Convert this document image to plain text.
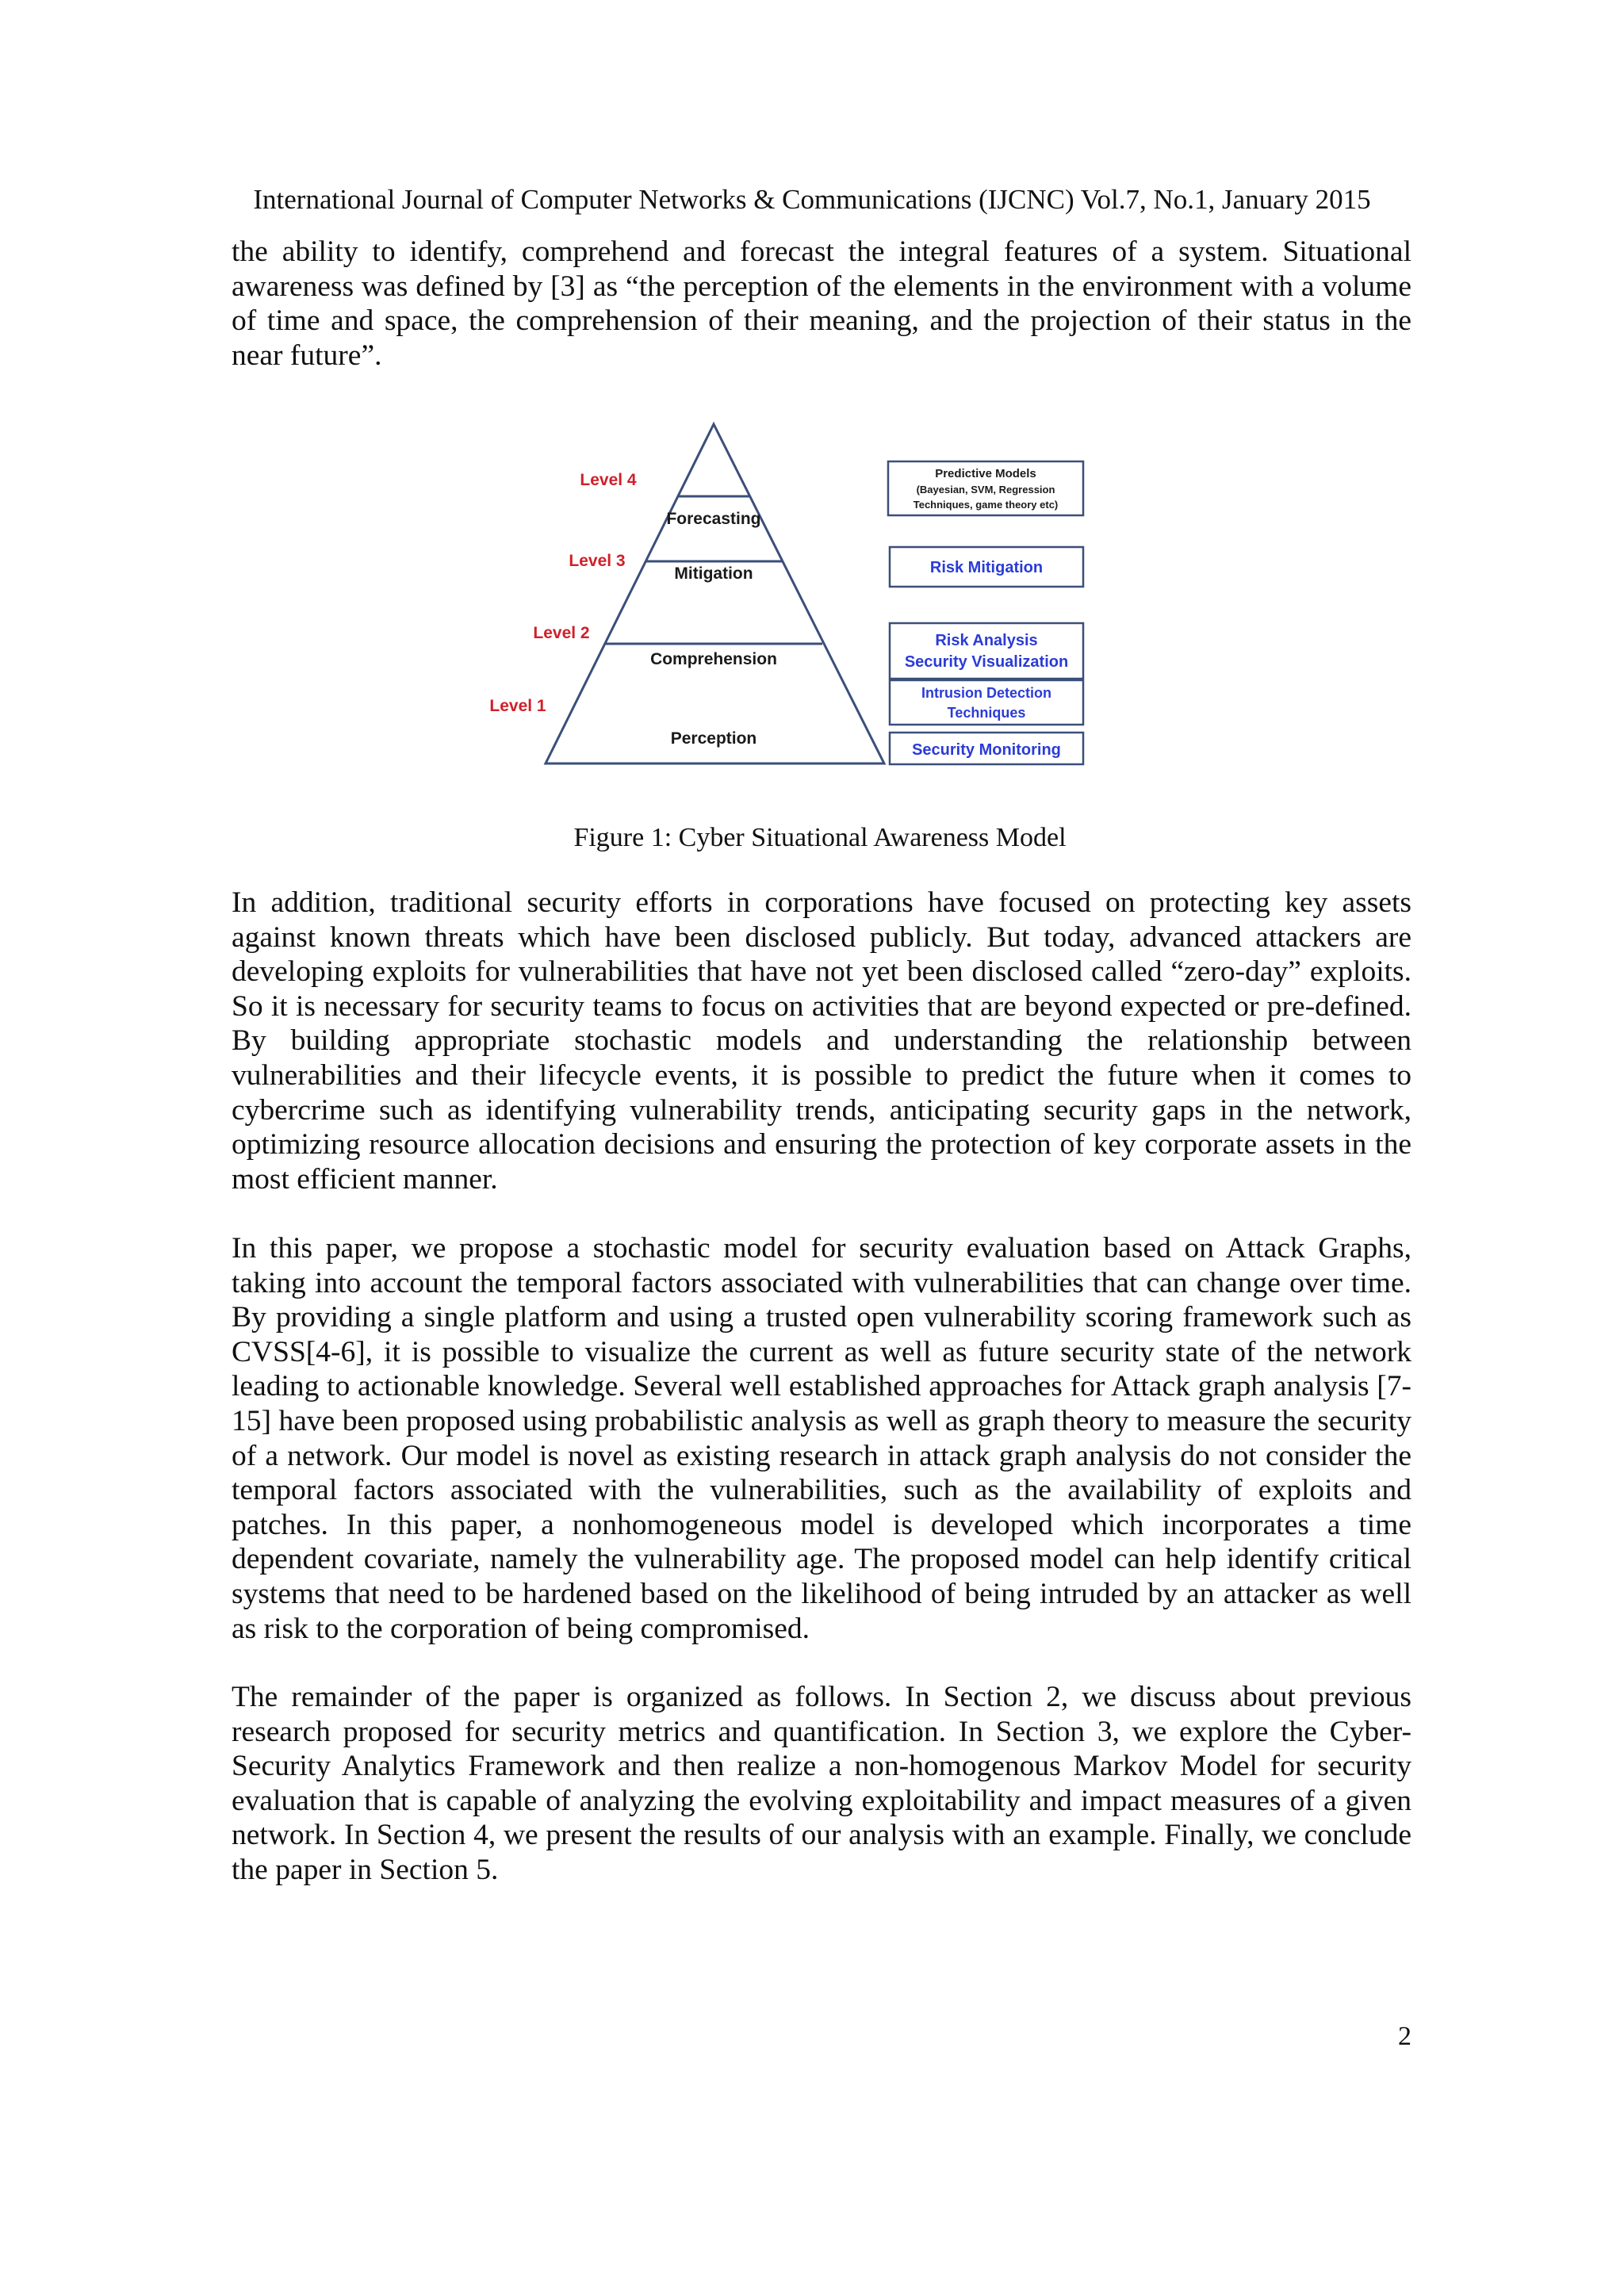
International Journal of Computer Networks & Communications (IJCNC) Vol.7, No.1, January 2015

the ability to identify, comprehend and forecast the integral features of a system. Situational awareness was defined by [3] as “the perception of the elements in the environment with a volume of time and space, the comprehension of their meaning, and the projection of their status in the near future”.

Forecasting
Mitigation
Comprehension
Perception
Level 4
Level 3
Level 2
Level 1
Predictive Models
(Bayesian, SVM, Regression
Techniques, game theory etc)
Risk Mitigation
Risk Analysis
Security Visualization
Intrusion Detection
Techniques
Security Monitoring
Figure 1: Cyber Situational Awareness Model

In addition, traditional security efforts in corporations have focused on protecting key assets against known threats which have been disclosed publicly. But today, advanced attackers are developing exploits for vulnerabilities that have not yet been disclosed called “zero-day” exploits. So it is necessary for security teams to focus on activities that are beyond expected or pre-defined. By building appropriate stochastic models and understanding the relationship between vulnerabilities and their lifecycle events, it is possible to predict the future when it comes to cybercrime such as identifying vulnerability trends, anticipating security gaps in the network, optimizing resource allocation decisions and ensuring the protection of key corporate assets in the most efficient manner.

In this paper, we propose a stochastic model for security evaluation based on Attack Graphs, taking into account the temporal factors associated with vulnerabilities that can change over time. By providing a single platform and using a trusted open vulnerability scoring framework such as CVSS[4-6], it is possible to visualize the current as well as future security state of the network leading to actionable knowledge. Several well established approaches for Attack graph analysis [7-15] have been proposed using probabilistic analysis as well as graph theory to measure the security of a network. Our model is novel as existing research in attack graph analysis do not consider the temporal factors associated with the vulnerabilities, such as the availability of exploits and patches. In this paper, a nonhomogeneous model is developed which incorporates a time dependent covariate, namely the vulnerability age. The proposed model can help identify critical systems that need to be hardened based on the likelihood of being intruded by an attacker as well as risk to the corporation of being compromised.

The remainder of the paper is organized as follows. In Section 2, we discuss about previous research proposed for security metrics and quantification. In Section 3, we explore the Cyber-Security Analytics Framework and then realize a non-homogenous Markov Model for security evaluation that is capable of analyzing the evolving exploitability and impact measures of a given network. In Section 4, we present the results of our analysis with an example. Finally, we conclude the paper in Section 5.

2
